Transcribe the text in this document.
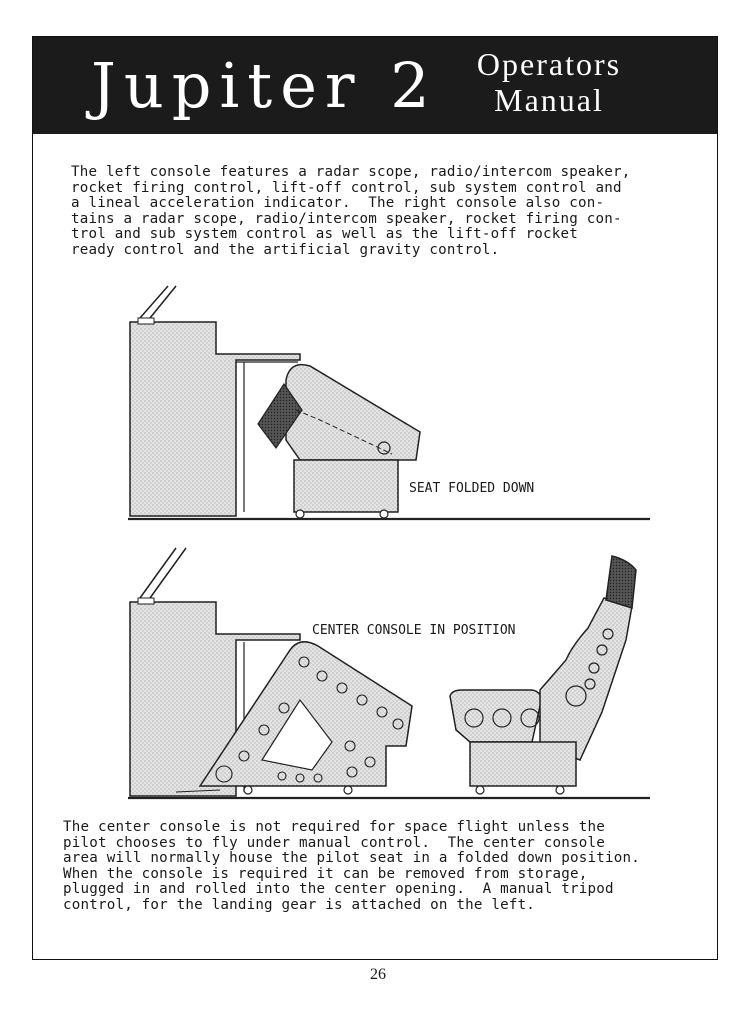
Jupiter 2	Operators
Manual
The left console features a radar scope, radio/intercom speaker,
rocket firing control, lift-off control, sub system control and
a lineal acceleration indicator.  The right console also con-
tains a radar scope, radio/intercom speaker, rocket firing con-
trol and sub system control as well as the lift-off rocket
ready control and the artificial gravity control.
The center console is not required for space flight unless the
pilot chooses to fly under manual control.  The center console
area will normally house the pilot seat in a folded down position.
When the console is required it can be removed from storage,
plugged in and rolled into the center opening.  A manual tripod
control, for the landing gear is attached on the left.
SEAT FOLDED DOWN
CENTER CONSOLE IN POSITION
26
